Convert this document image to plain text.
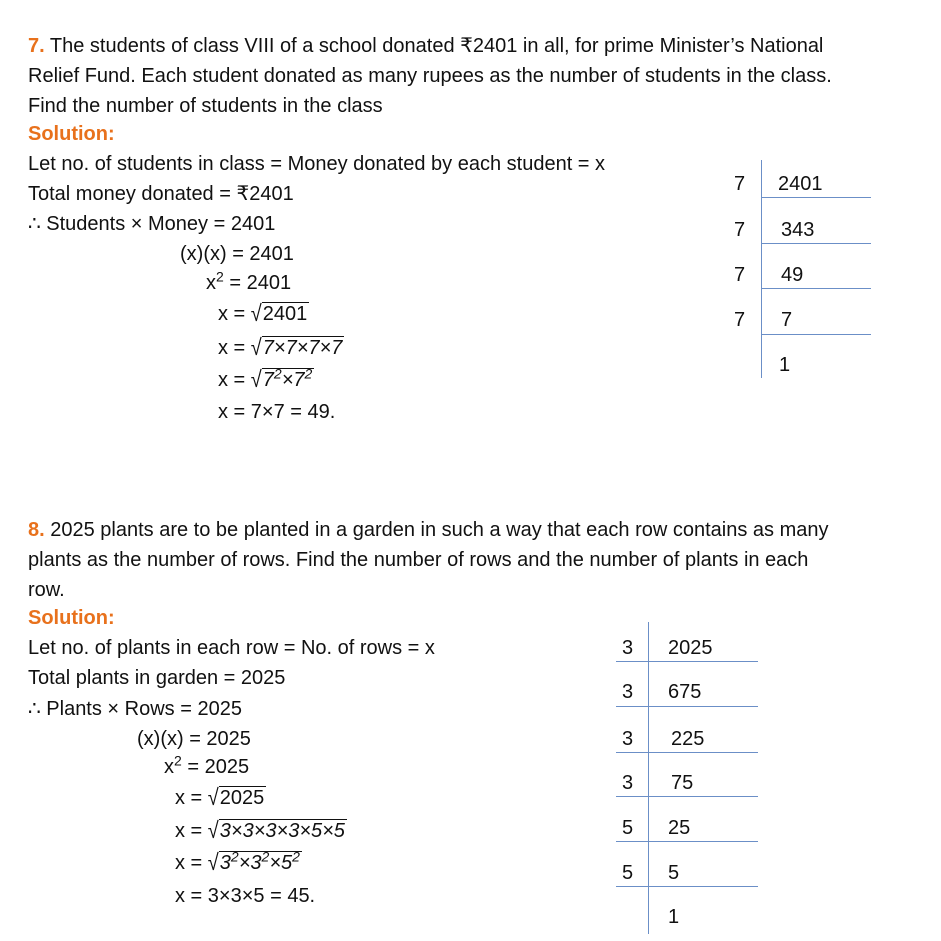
7. The students of class VIII of a school donated ₹2401 in all, for prime Minister’s National
Relief Fund. Each student donated as many rupees as the number of students in the class.
Find the number of students in the class
Solution:
Let no. of students in class = Money donated by each student = x
Total money donated = ₹2401
∴ Students × Money = 2401
(x)(x) = 2401
$x^2 = 2401$
x = √2401
x = √7×7×7×7
$x = √7^2\times 7^2$
x = 7×7 = 49.
7
7
7
7
2401
343
49
7
1
8. 2025 plants are to be planted in a garden in such a way that each row contains as many
plants as the number of rows. Find the number of rows and the number of plants in each
row.
Solution:
Let no. of plants in each row = No. of rows = x
Total plants in garden = 2025
∴ Plants × Rows = 2025
(x)(x) = 2025
$x^2 = 2025$
x = √2025
x = √3×3×3×3×5×5
$x = √3^2\times 3^2\times 5^2$
x = 3×3×5 = 45.
3
3
3
3
5
5
2025
675
225
75
25
5
1
